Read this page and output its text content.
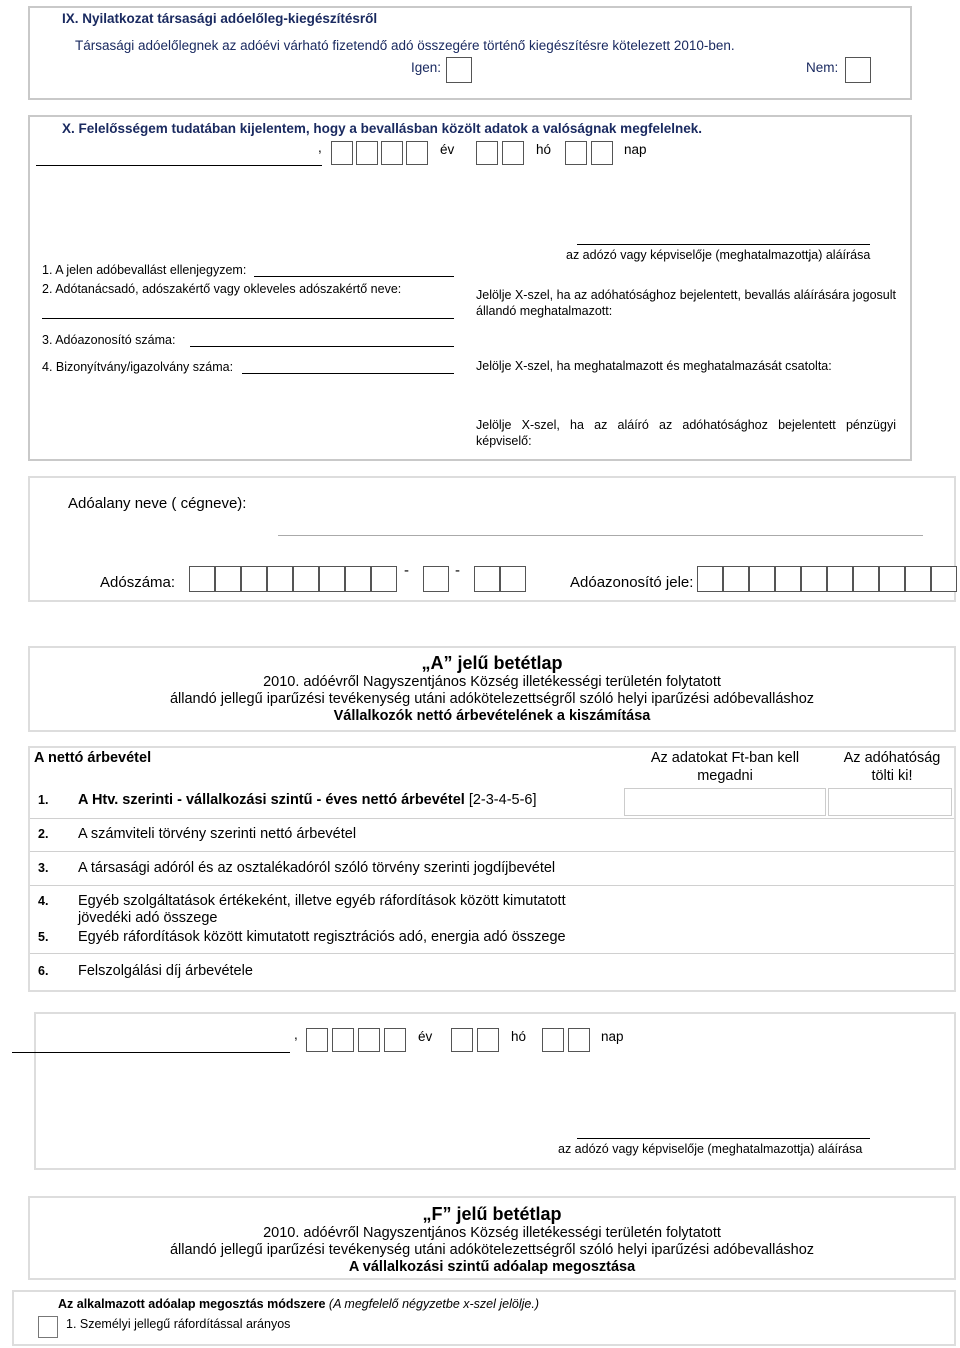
IX. Nyilatkozat társasági adóelőleg-kiegészítésről
Társasági adóelőlegnek az adóévi várható fizetendő adó összegére történő kiegészítésre kötelezett 2010-ben.
Igen:	Nem:
X. Felelősségem tudatában kijelentem, hogy a bevallásban közölt adatok a valóságnak megfelelnek.
,	év	hó	nap
az adózó vagy képviselője (meghatalmazottja) aláírása
1. A jelen adóbevallást ellenjegyzem:
2. Adótanácsadó, adószakértő vagy okleveles adószakértő neve:
3. Adóazonosító száma:
4. Bizonyítvány/igazolvány száma:
Jelölje X-szel, ha az adóhatósághoz bejelentett, bevallás aláírására jogosult állandó meghatalmazott:
Jelölje X-szel, ha meghatalmazott és meghatalmazását csatolta:
Jelölje X-szel, ha az aláíró az adóhatósághoz bejelentett pénzügyi képviselő:
Adóalany neve ( cégneve):
Adószáma:
-	-
Adóazonosító jele:
„A” jelű betétlap
2010. adóévről Nagyszentjános Község illetékességi területén folytatott
állandó jellegű iparűzési tevékenység utáni adókötelezettségről szóló helyi iparűzési adóbevalláshoz
Vállalkozók nettó árbevételének a kiszámítása
A nettó árbevétel	Az adatokat Ft-ban kell megadni
Az adóhatóság tölti ki!
1. A Htv. szerinti - vállalkozási szintű - éves nettó árbevétel [2-3-4-5-6]
2. A számviteli törvény szerinti nettó árbevétel
3. A társasági adóról és az osztalékadóról szóló törvény szerinti jogdíjbevétel
4. Egyéb szolgáltatások értékeként, illetve egyéb ráfordítások között kimutatott jövedéki adó összege
5. Egyéb ráfordítások között kimutatott regisztrációs adó, energia adó összege
6. Felszolgálási díj árbevétele
,	év	hó	nap
az adózó vagy képviselője (meghatalmazottja) aláírása
„F” jelű betétlap
2010. adóévről Nagyszentjános Község illetékességi területén folytatott
állandó jellegű iparűzési tevékenység utáni adókötelezettségről szóló helyi iparűzési adóbevalláshoz
A vállalkozási szintű adóalap megosztása
Az alkalmazott adóalap megosztás módszere (A megfelelő négyzetbe x-szel jelölje.)
1. Személyi jellegű ráfordítással arányos
